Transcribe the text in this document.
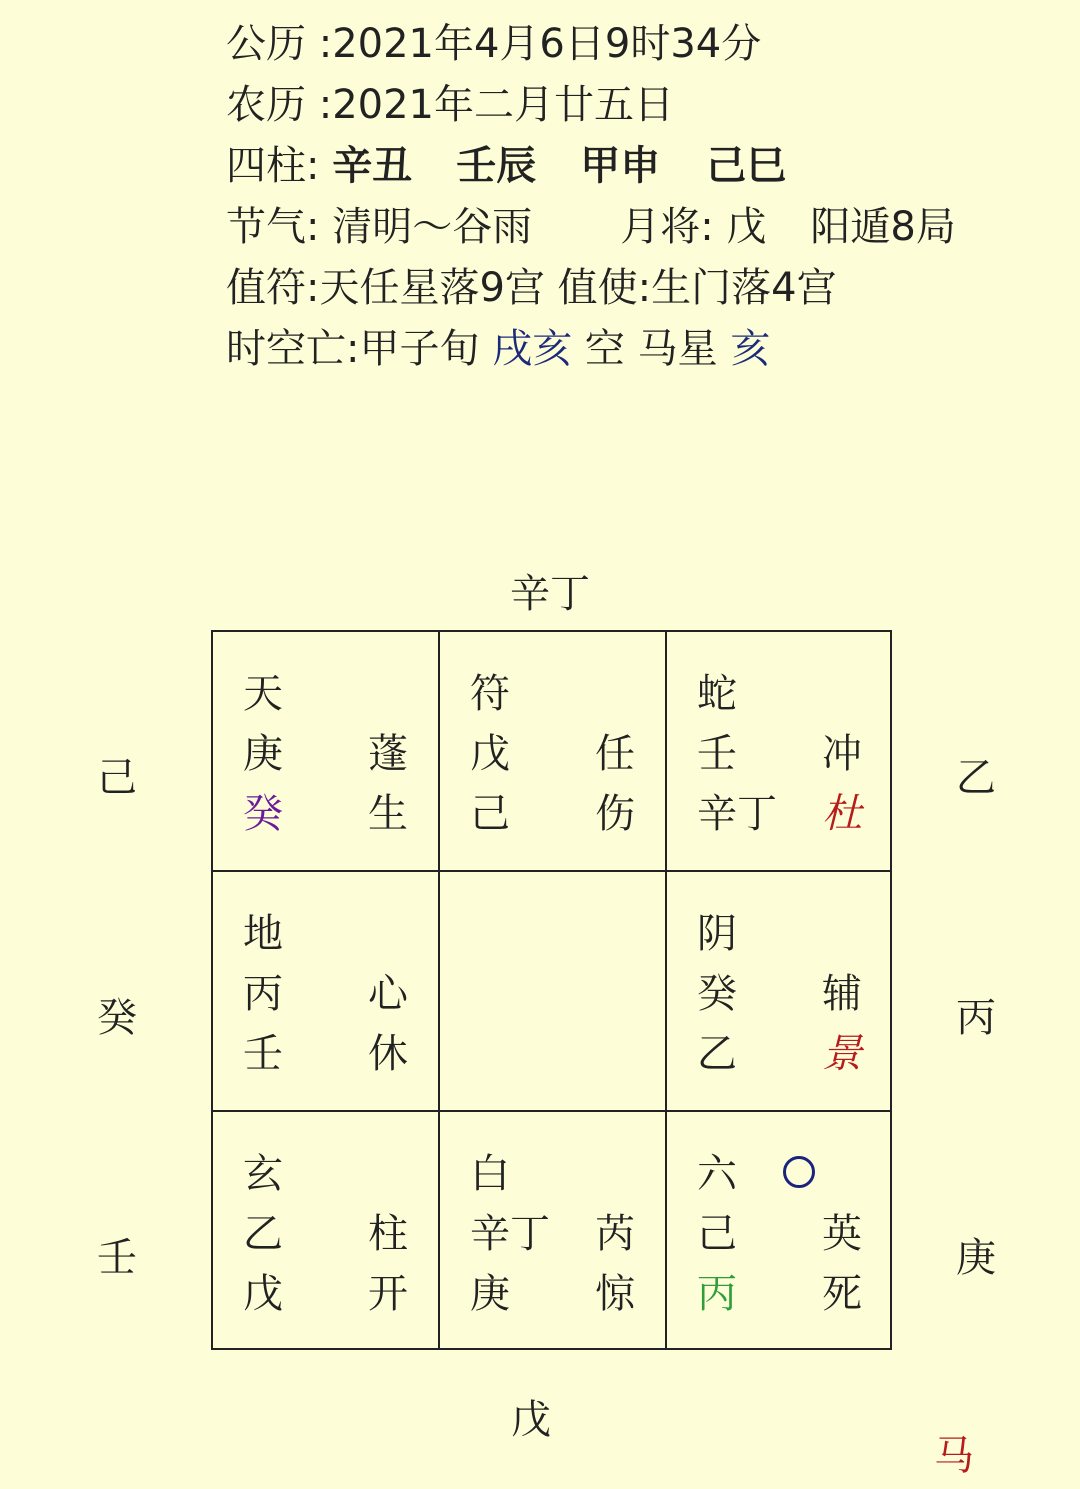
公历 :2021年4月6日9时34分
农历 :2021年二月廿五日
四柱: 辛丑 壬辰 甲申 己巳
节气: 清明～谷雨 月将: 戊 阳遁8局
值符:天任星落9宫 值使:生门落4宫
时空亡:甲子旬 戌亥 空 马星 亥
辛丁
戊
己
癸
壬
乙
丙
庚
天
庚 蓬
癸 生
符
戊 任
己 伤
蛇
壬 冲
辛丁 杜
地
丙 心
壬 休
阴
癸 辅
乙 景
玄
乙 柱
戊 开
白
辛丁 芮
庚 惊
六
己 英
丙 死
马
